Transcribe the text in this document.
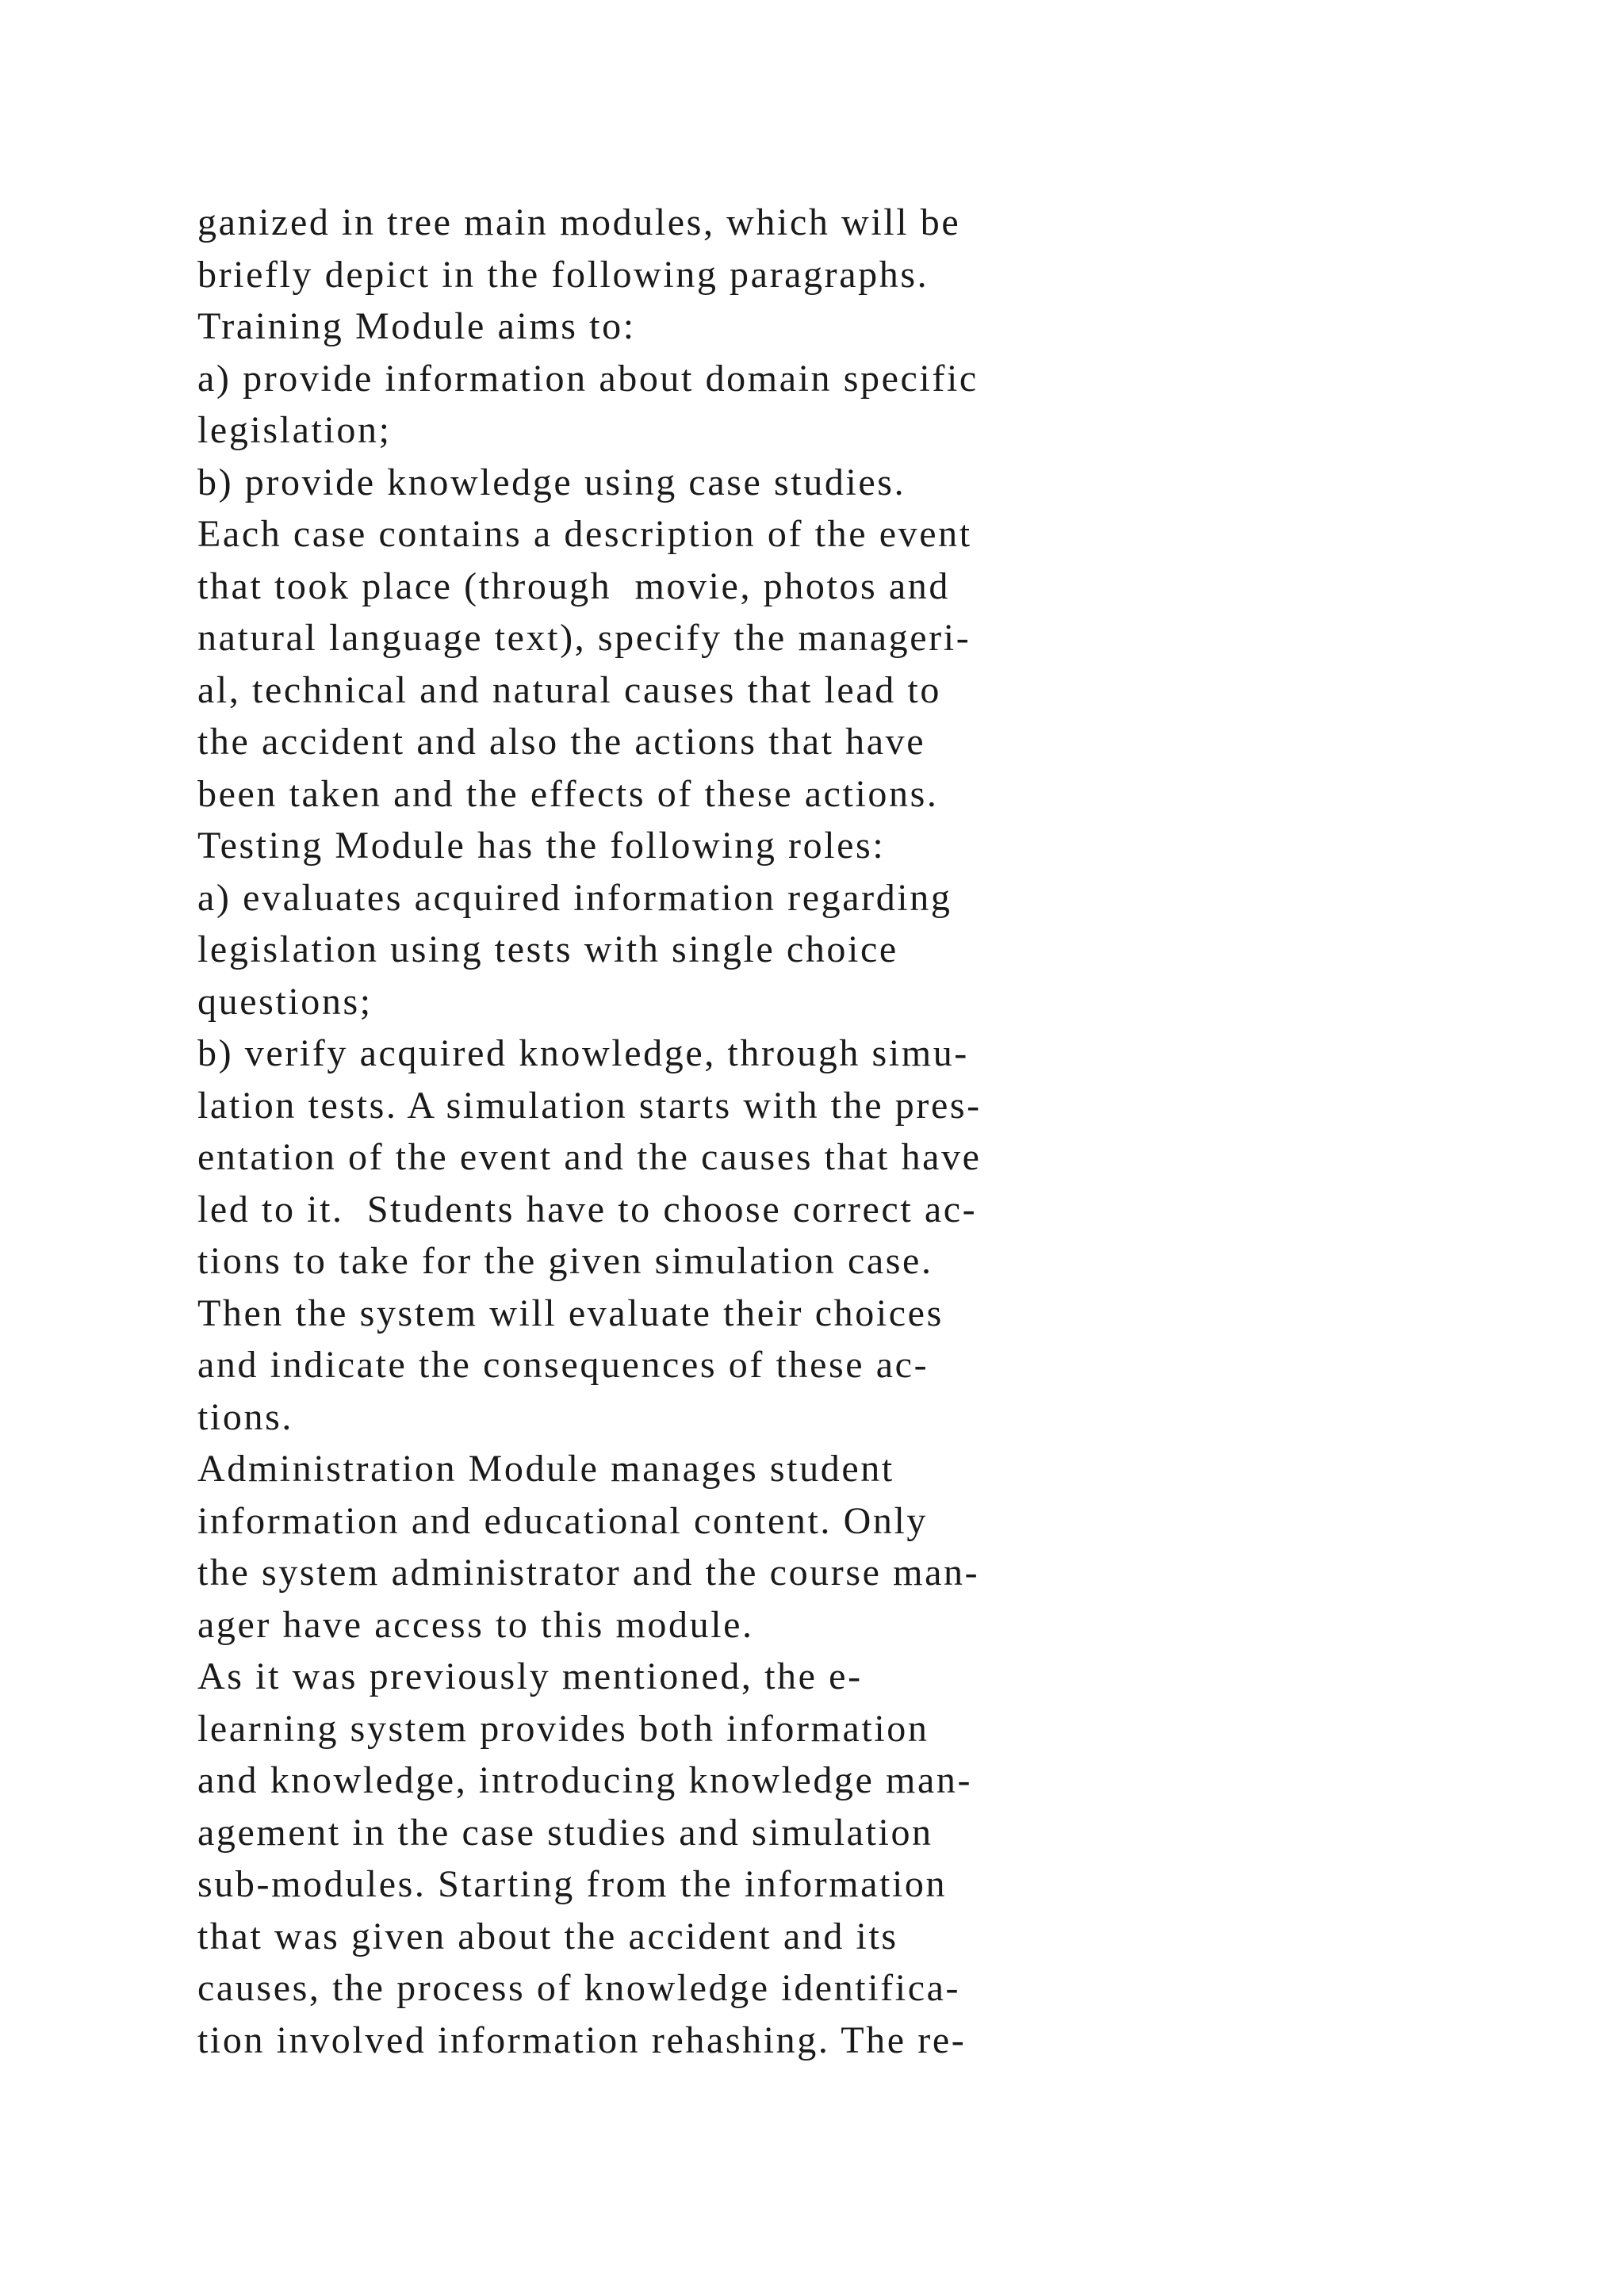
ganized in tree main modules, which will be
briefly depict in the following paragraphs.
Training Module aims to:
a) provide information about domain specific
legislation;
b) provide knowledge using case studies.
Each case contains a description of the event
that took place (through  movie, photos and
natural language text), specify the manageri-
al, technical and natural causes that lead to
the accident and also the actions that have
been taken and the effects of these actions.
Testing Module has the following roles:
a) evaluates acquired information regarding
legislation using tests with single choice
questions;
b) verify acquired knowledge, through simu-
lation tests. A simulation starts with the pres-
entation of the event and the causes that have
led to it.  Students have to choose correct ac-
tions to take for the given simulation case.
Then the system will evaluate their choices
and indicate the consequences of these ac-
tions.
Administration Module manages student
information and educational content. Only
the system administrator and the course man-
ager have access to this module.
As it was previously mentioned, the e-
learning system provides both information
and knowledge, introducing knowledge man-
agement in the case studies and simulation
sub-modules. Starting from the information
that was given about the accident and its
causes, the process of knowledge identifica-
tion involved information rehashing. The re-
